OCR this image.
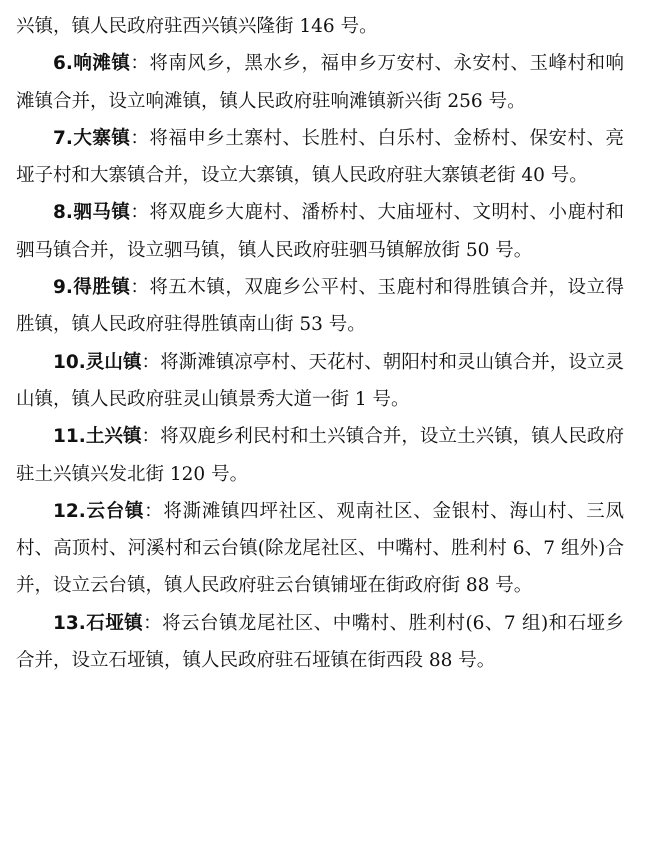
兴镇，镇人民政府驻西兴镇兴隆街 146 号。

6.响滩镇：将南风乡，黑水乡，福申乡万安村、永安村、玉峰村和响滩镇合并，设立响滩镇，镇人民政府驻响滩镇新兴街 256 号。

7.大寨镇：将福申乡土寨村、长胜村、白乐村、金桥村、保安村、亮垭子村和大寨镇合并，设立大寨镇，镇人民政府驻大寨镇老街 40 号。

8.驷马镇：将双鹿乡大鹿村、潘桥村、大庙垭村、文明村、小鹿村和驷马镇合并，设立驷马镇，镇人民政府驻驷马镇解放街 50 号。

9.得胜镇：将五木镇，双鹿乡公平村、玉鹿村和得胜镇合并，设立得胜镇，镇人民政府驻得胜镇南山街 53 号。

10.灵山镇：将澌滩镇凉亭村、天花村、朝阳村和灵山镇合并，设立灵山镇，镇人民政府驻灵山镇景秀大道一街 1 号。

11.土兴镇：将双鹿乡利民村和土兴镇合并，设立土兴镇，镇人民政府驻土兴镇兴发北街 120 号。

12.云台镇：将澌滩镇四坪社区、观南社区、金银村、海山村、三凤村、高顶村、河溪村和云台镇(除龙尾社区、中嘴村、胜利村 6、7 组外)合并，设立云台镇，镇人民政府驻云台镇铺垭在街政府街 88 号。

13.石垭镇：将云台镇龙尾社区、中嘴村、胜利村(6、7 组)和石垭乡合并，设立石垭镇，镇人民政府驻石垭镇在街西段 88 号。
